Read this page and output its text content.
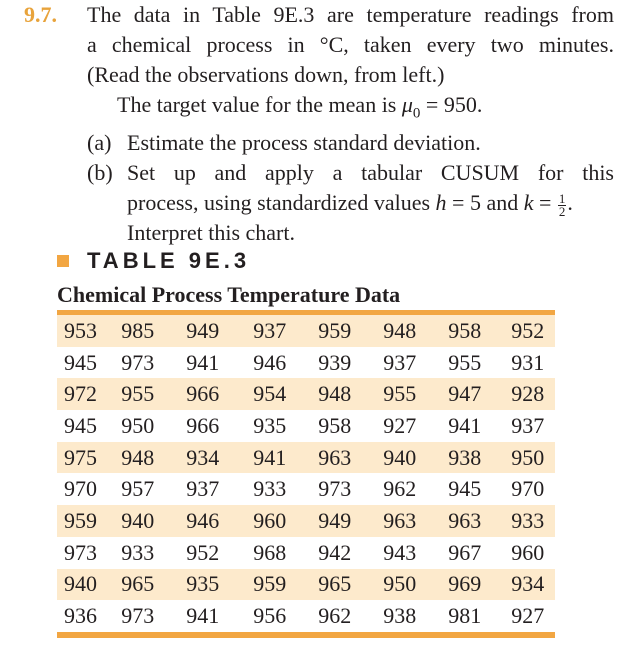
9.7.	The data in Table 9E.3 are temperature readings from
a chemical process in °C, taken every two minutes.
(Read the observations down, from left.)
The target value for the mean is $\mu_0 = 950$.
(a) Estimate the process standard deviation.
(b) Set up and apply a tabular CUSUM for this
process, using standardized values h = 5 and $k = \frac{1}{2}$ .
Interpret this chart.
TABLE 9E.3
Chemical Process Temperature Data
953	985	949	937	959	948	958	952
945	973	941	946	939	937	955	931
972	955	966	954	948	955	947	928
945	950	966	935	958	927	941	937
975	948	934	941	963	940	938	950
970	957	937	933	973	962	945	970
959	940	946	960	949	963	963	933
973	933	952	968	942	943	967	960
940	965	935	959	965	950	969	934
936	973	941	956	962	938	981	927
